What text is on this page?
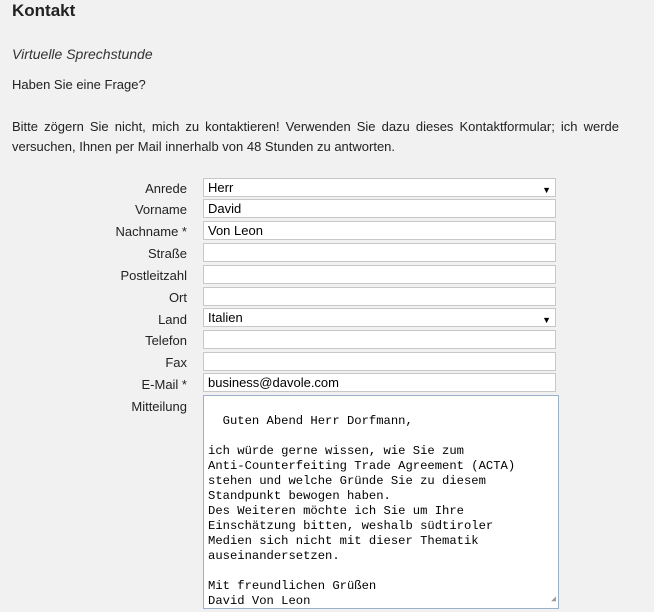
Kontakt
Virtuelle Sprechstunde
Haben Sie eine Frage?
Bitte zögern Sie nicht, mich zu kontaktieren! Verwenden Sie dazu dieses Kontaktformular; ich werde versuchen, Ihnen per Mail innerhalb von 48 Stunden zu antworten.
Anrede	Herr	▼
Vorname	David
Nachname *	Von Leon
Straße
Postleitzahl
Ort
Land	Italien	▼
Telefon
Fax
E-Mail *	business@davole.com
Mitteilung

Guten Abend Herr Dorfmann,

ich würde gerne wissen, wie Sie zum
Anti-Counterfeiting Trade Agreement (ACTA)
stehen und welche Gründe Sie zu diesem
Standpunkt bewogen haben.
Des Weiteren möchte ich Sie um Ihre
Einschätzung bitten, weshalb südtiroler
Medien sich nicht mit dieser Thematik
auseinandersetzen.

Mit freundlichen Grüßen
David Von Leon
	◢
